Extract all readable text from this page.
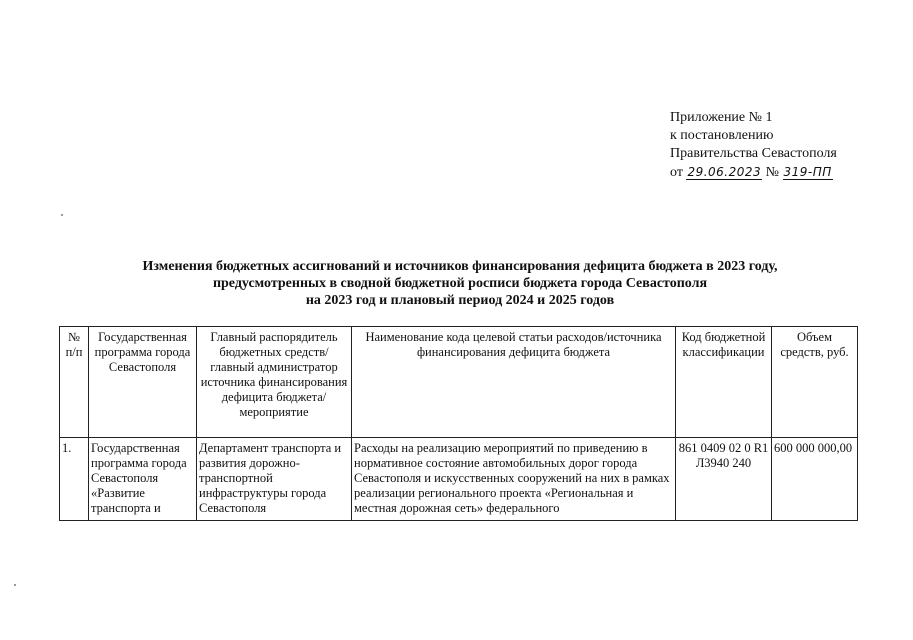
Приложение № 1
к постановлению
Правительства Севастополя
от 29.06.2023 № 319-ПП
Изменения бюджетных ассигнований и источников финансирования дефицита бюджета в 2023 году,
предусмотренных в сводной бюджетной росписи бюджета города Севастополя
на 2023 год и плановый период 2024 и 2025 годов
№ п/п	Государственная программа города Севастополя	Главный распорядитель бюджетных средств/главный администратор источника финансирования дефицита бюджета/ мероприятие	Наименование кода целевой статьи расходов/источника финансирования дефицита бюджета	Код бюджетной классификации	Объем средств, руб.
1.	Государственная программа города Севастополя «Развитие транспорта и	Департамент транспорта и развития дорожно-транспортной инфраструктуры города Севастополя	Расходы на реализацию мероприятий по приведению в нормативное состояние автомобильных дорог города Севастополя и искусственных сооружений на них в рамках реализации регионального проекта «Региональная и местная дорожная сеть» федерального	861 0409 02 0 R1 Л3940 240	600 000 000,00
